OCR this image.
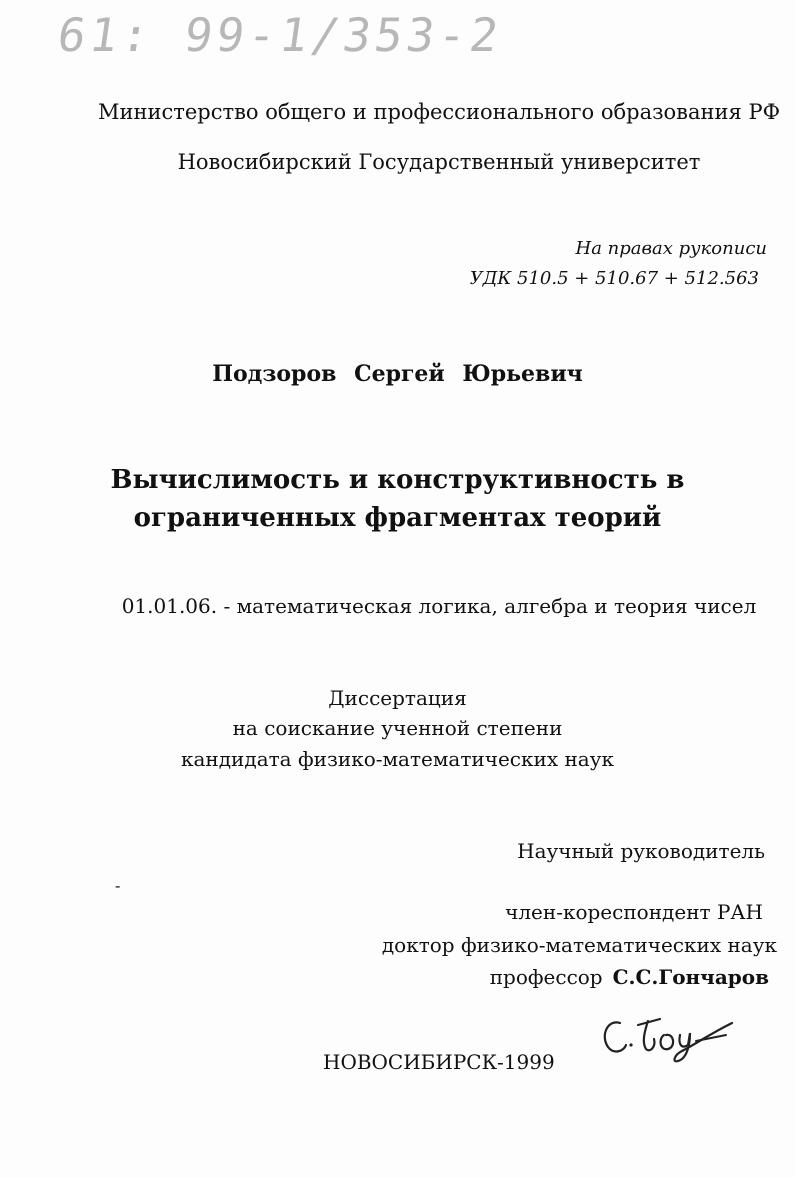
61: 99-1/353-2

Министерство общего и профессионального образования РФ

Новосибирский Государственный университет

На правах рукописи

УДК 510.5 + 510.67 + 512.563

Подзоров Сергей Юрьевич

Вычислимость и конструктивность в

ограниченных фрагментах теорий

01.01.06. - математическая логика, алгебра и теория чисел

Диссертация

на соискание ученной степени

кандидата физико-математических наук

Научный руководитель

-

член-кореспондент РАН

доктор физико-математических наук

профессор С.С.Гончаров

НОВОСИБИРСК-1999
